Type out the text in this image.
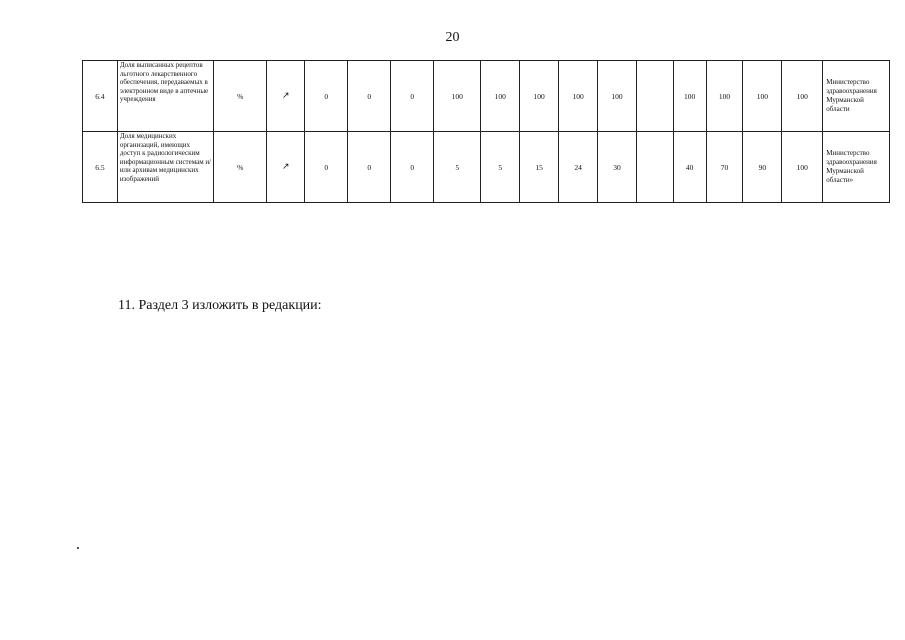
20
6.4	Доля выписанных рецептов льготного лекарственного обеспечения, передаваемых в электронном виде в аптечные учреждения	%	↗	0	0	0	100	100	100	100	100		100	100	100	100	Министерство здравоохранения Мурманской области
6.5	Доля медицинских организаций, имеющих доступ к радиологическим информационным системам и/или архивам медицинских изображений	%	↗	0	0	0	5	5	15	24	30		40	70	90	100	Министерство здравоохранения Мурманской области»
11. Раздел 3 изложить в редакции:
